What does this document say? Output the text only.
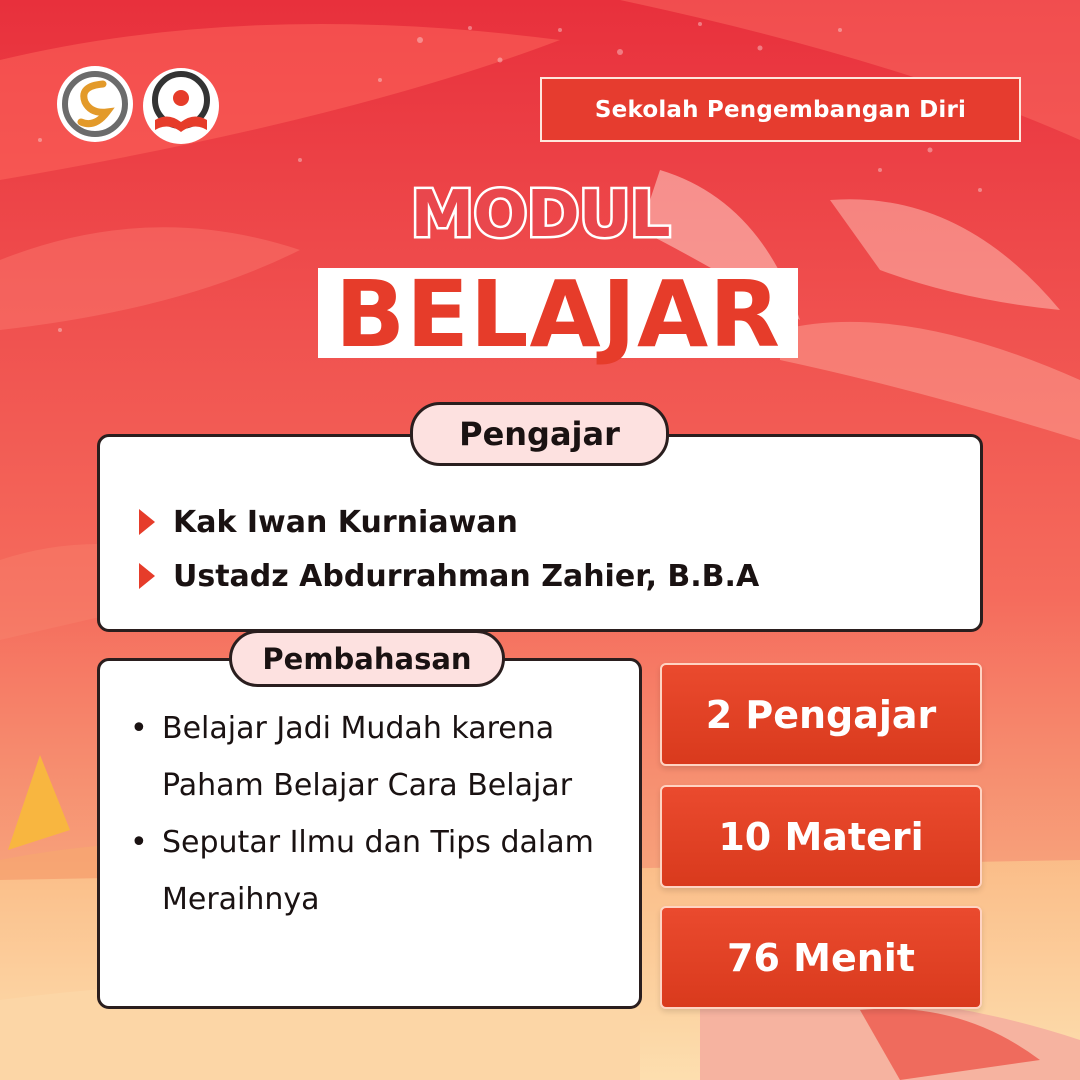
Sekolah Pengembangan Diri
MODUL
BELAJAR
Pengajar
Kak Iwan Kurniawan
Ustadz Abdurrahman Zahier, B.B.A
Pembahasan
• Belajar Jadi Mudah karena Paham Belajar Cara Belajar
• Seputar Ilmu dan Tips dalam Meraihnya
2 Pengajar
10 Materi
76 Menit
